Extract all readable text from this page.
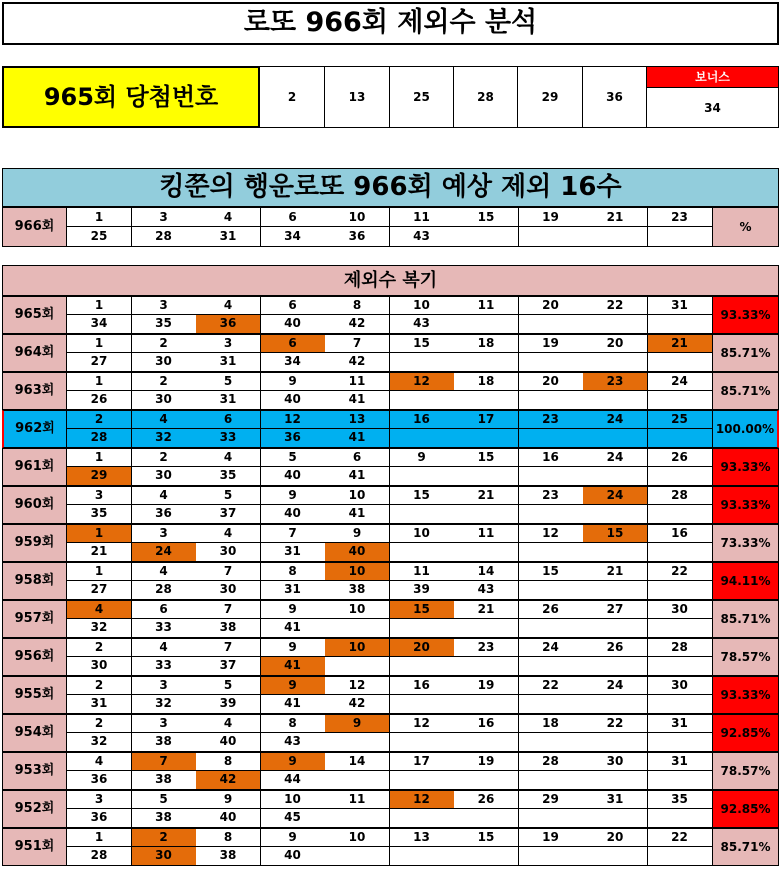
로또 966회 제외수 분석
965회 당첨번호	2	13	25	28	29	36
보너스
34
킹쭌의 행운로또 966회 예상 제외 16수
966회
1	3	4	6	10	11	15	19	21	23
25	28	31	34	36	43
%
제외수 복기
965회
1	3	4	6	8	10	11	20	22	31
34	35	36	40	42	43
93.33%
964회
1	2	3	6	7	15	18	19	20	21
27	30	31	34	42
85.71%
963회
1	2	5	9	11	12	18	20	23	24
26	30	31	40	41
85.71%
962회
2	4	6	12	13	16	17	23	24	25
28	32	33	36	41
100.00%
961회
1	2	4	5	6	9	15	16	24	26
29	30	35	40	41
93.33%
960회
3	4	5	9	10	15	21	23	24	28
35	36	37	40	41
93.33%
959회
1	3	4	7	9	10	11	12	15	16
21	24	30	31	40
73.33%
958회
1	4	7	8	10	11	14	15	21	22
27	28	30	31	38	39	43
94.11%
957회
4	6	7	9	10	15	21	26	27	30
32	33	38	41
85.71%
956회
2	4	7	9	10	20	23	24	26	28
30	33	37	41
78.57%
955회
2	3	5	9	12	16	19	22	24	30
31	32	39	41	42
93.33%
954회
2	3	4	8	9	12	16	18	22	31
32	38	40	43
92.85%
953회
4	7	8	9	14	17	19	28	30	31
36	38	42	44
78.57%
952회
3	5	9	10	11	12	26	29	31	35
36	38	40	45
92.85%
951회
1	2	8	9	10	13	15	19	20	22
28	30	38	40
85.71%
